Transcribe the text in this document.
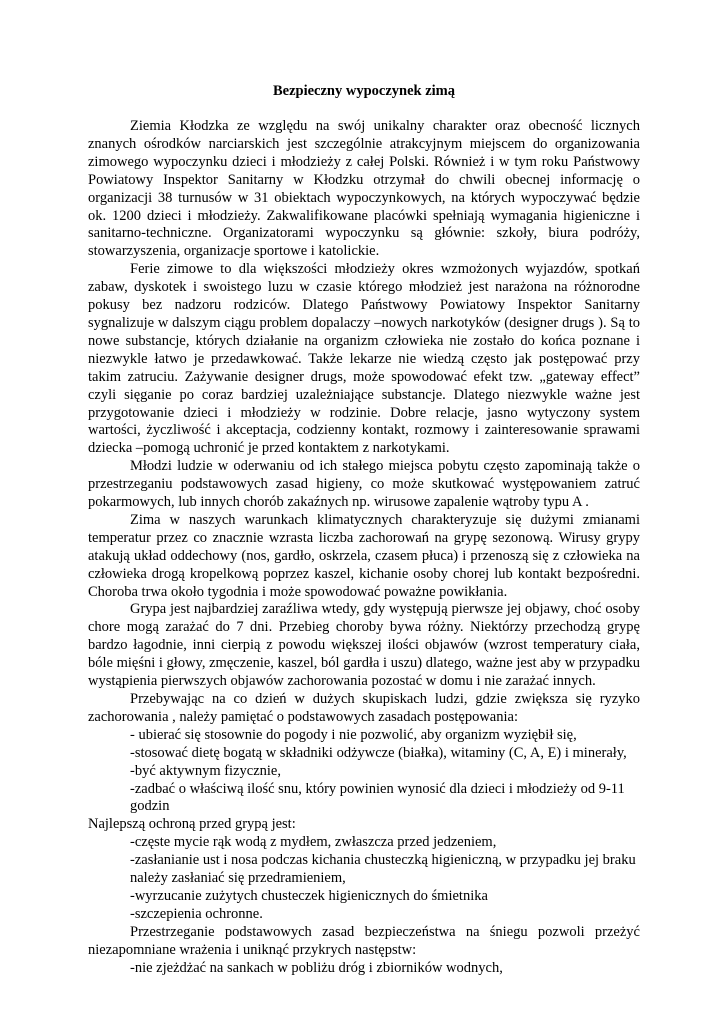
Bezpieczny wypoczynek zimą

Ziemia Kłodzka ze względu na swój unikalny charakter oraz obecność licznych znanych ośrodków narciarskich jest szczególnie atrakcyjnym miejscem do organizowania zimowego wypoczynku dzieci i młodzieży z całej Polski. Również i w tym roku Państwowy Powiatowy Inspektor Sanitarny w Kłodzku otrzymał do chwili obecnej informację o organizacji 38 turnusów w 31 obiektach wypoczynkowych, na których wypoczywać będzie ok. 1200 dzieci i młodzieży. Zakwalifikowane placówki spełniają wymagania higieniczne i sanitarno-techniczne. Organizatorami wypoczynku są głównie: szkoły, biura podróży, stowarzyszenia, organizacje sportowe i katolickie.

Ferie zimowe to dla większości młodzieży okres wzmożonych wyjazdów, spotkań zabaw, dyskotek i swoistego luzu w czasie którego młodzież jest narażona na różnorodne pokusy bez nadzoru rodziców. Dlatego Państwowy Powiatowy Inspektor Sanitarny sygnalizuje w dalszym ciągu problem dopalaczy –nowych narkotyków (designer drugs ). Są to nowe substancje, których działanie na organizm człowieka nie zostało do końca poznane i niezwykle łatwo je przedawkować. Także lekarze nie wiedzą często jak postępować przy takim zatruciu. Zażywanie designer drugs, może spowodować efekt tzw. „gateway effect” czyli sięganie po coraz bardziej uzależniające substancje. Dlatego niezwykle ważne jest przygotowanie dzieci i młodzieży w rodzinie. Dobre relacje, jasno wytyczony system wartości, życzliwość i akceptacja, codzienny kontakt, rozmowy i zainteresowanie sprawami dziecka –pomogą uchronić je przed kontaktem z narkotykami.

Młodzi ludzie w oderwaniu od ich stałego miejsca pobytu często zapominają także o przestrzeganiu podstawowych zasad higieny, co może skutkować występowaniem zatruć pokarmowych, lub innych chorób zakaźnych np. wirusowe zapalenie wątroby typu A .

Zima w naszych warunkach klimatycznych charakteryzuje się dużymi zmianami temperatur przez co znacznie wzrasta liczba zachorowań na grypę sezonową. Wirusy grypy atakują układ oddechowy (nos, gardło, oskrzela, czasem płuca) i przenoszą się z człowieka na człowieka drogą kropelkową poprzez kaszel, kichanie osoby chorej lub kontakt bezpośredni. Choroba trwa około tygodnia i może spowodować poważne powikłania.

Grypa jest najbardziej zaraźliwa wtedy, gdy występują pierwsze jej objawy, choć osoby chore mogą zarażać do 7 dni. Przebieg choroby bywa różny. Niektórzy przechodzą grypę bardzo łagodnie, inni cierpią z powodu większej ilości objawów (wzrost temperatury ciała, bóle mięśni i głowy, zmęczenie, kaszel, ból gardła i uszu) dlatego, ważne jest aby w przypadku wystąpienia pierwszych objawów zachorowania pozostać w domu i nie zarażać innych.

Przebywając na co dzień w dużych skupiskach ludzi, gdzie zwiększa się ryzyko zachorowania , należy pamiętać o podstawowych zasadach postępowania:

- ubierać się stosownie do pogody i nie pozwolić, aby organizm wyziębił się,
-stosować dietę bogatą w składniki odżywcze (białka), witaminy (C, A, E) i minerały,
-być aktywnym fizycznie,
-zadbać o właściwą ilość snu, który powinien wynosić dla dzieci i młodzieży od 9-11 godzin

Najlepszą ochroną przed grypą jest:

-częste mycie rąk wodą z mydłem, zwłaszcza przed jedzeniem,
-zasłanianie ust i nosa podczas kichania chusteczką higieniczną, w przypadku jej braku należy zasłaniać się przedramieniem,
-wyrzucanie zużytych chusteczek higienicznych do śmietnika
-szczepienia ochronne.

Przestrzeganie podstawowych zasad bezpieczeństwa na śniegu pozwoli przeżyć niezapomniane wrażenia i uniknąć przykrych następstw:

-nie zjeżdżać na sankach w pobliżu dróg i zbiorników wodnych,
